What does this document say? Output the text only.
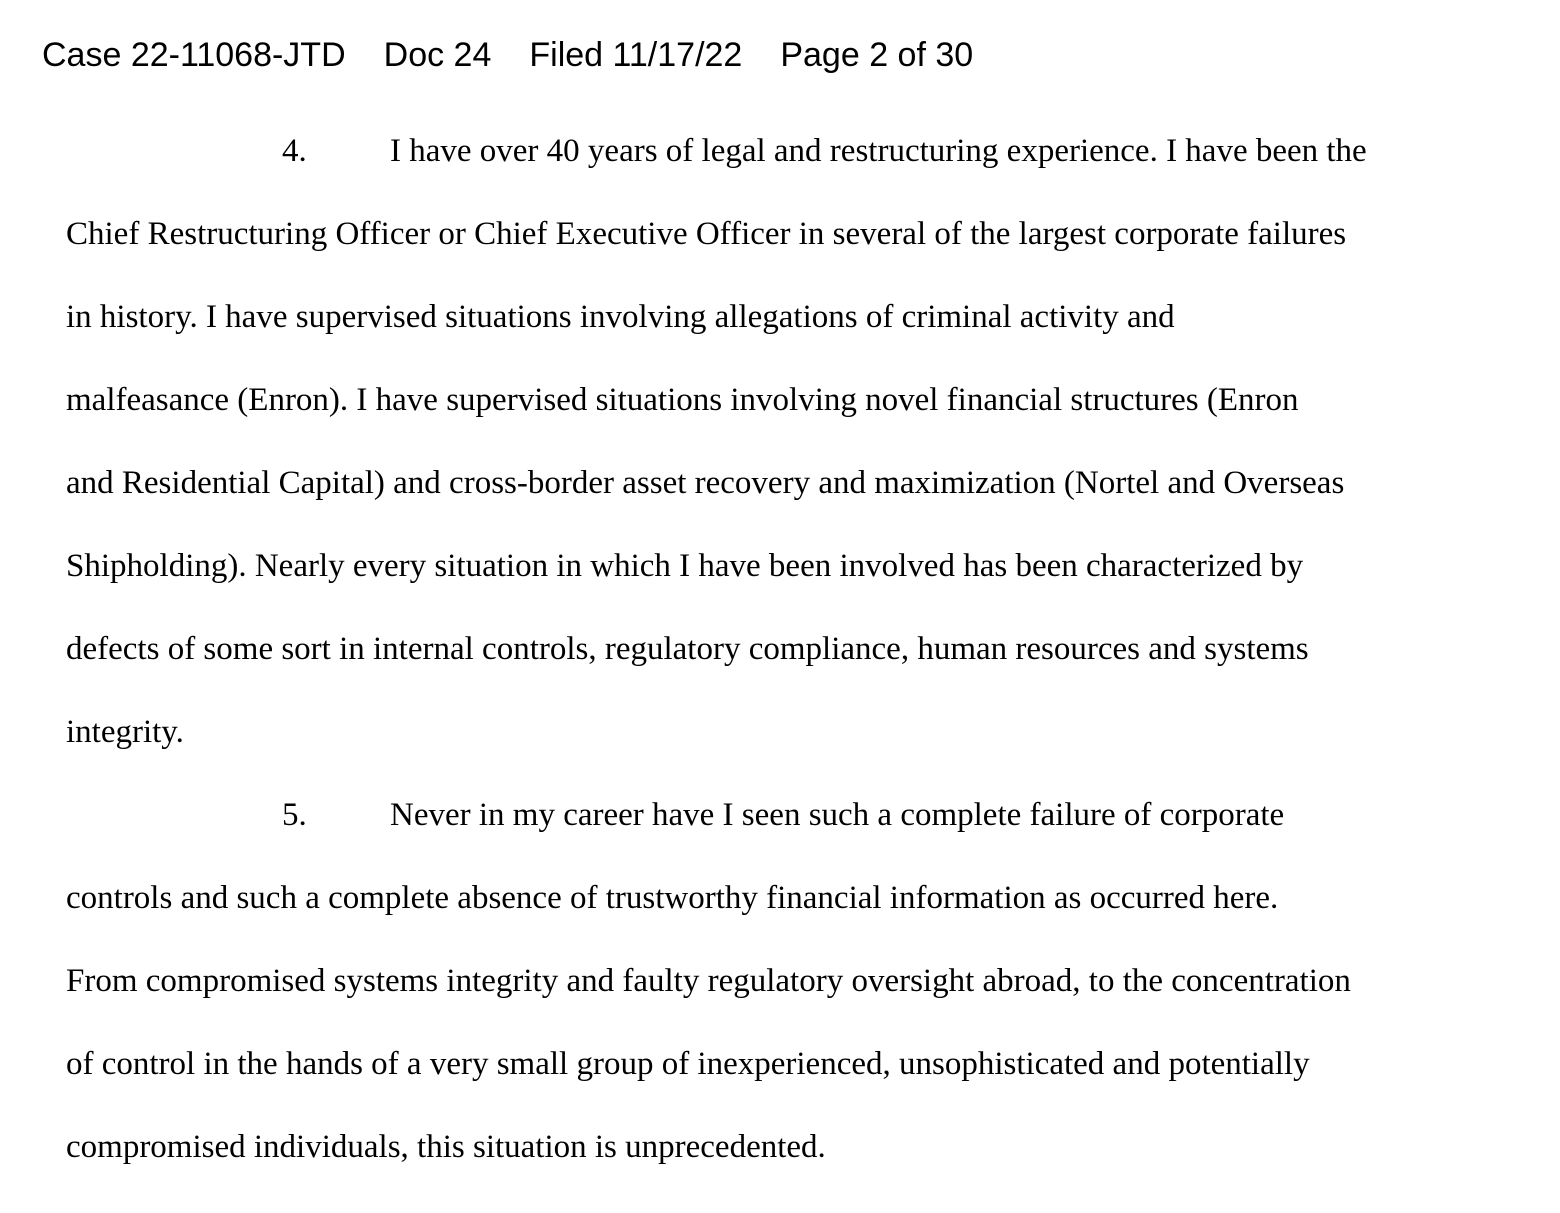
Case 22-11068-JTD Doc 24 Filed 11/17/22 Page 2 of 30
4.	I have over 40 years of legal and restructuring experience. I have been the
Chief Restructuring Officer or Chief Executive Officer in several of the largest corporate failures
in history. I have supervised situations involving allegations of criminal activity and
malfeasance (Enron). I have supervised situations involving novel financial structures (Enron
and Residential Capital) and cross-border asset recovery and maximization (Nortel and Overseas
Shipholding). Nearly every situation in which I have been involved has been characterized by
defects of some sort in internal controls, regulatory compliance, human resources and systems
integrity.
5.	Never in my career have I seen such a complete failure of corporate
controls and such a complete absence of trustworthy financial information as occurred here.
From compromised systems integrity and faulty regulatory oversight abroad, to the concentration
of control in the hands of a very small group of inexperienced, unsophisticated and potentially
compromised individuals, this situation is unprecedented.
